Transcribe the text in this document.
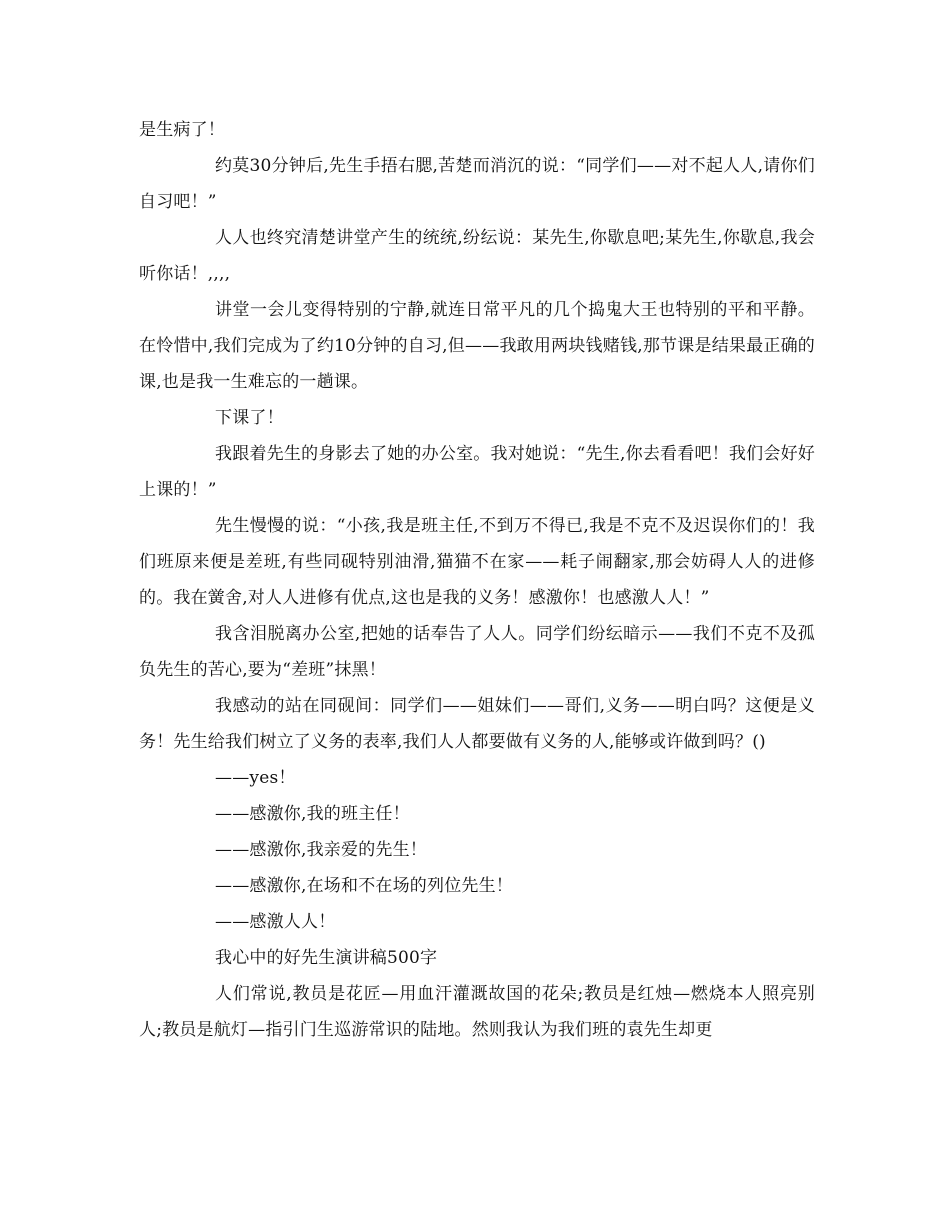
是生病了！

约莫30分钟后,先生手捂右腮,苦楚而消沉的说：“同学们——对不起人人,请你们自习吧！”

人人也终究清楚讲堂产生的统统,纷纭说：某先生,你歇息吧;某先生,你歇息,我会听你话！,,,,

讲堂一会儿变得特别的宁静,就连日常平凡的几个捣鬼大王也特别的平和平静。在怜惜中,我们完成为了约10分钟的自习,但——我敢用两块钱赌钱,那节课是结果最正确的课,也是我一生难忘的一趟课。

下课了！

我跟着先生的身影去了她的办公室。我对她说：“先生,你去看看吧！我们会好好上课的！”

先生慢慢的说：“小孩,我是班主任,不到万不得已,我是不克不及迟误你们的！我们班原来便是差班,有些同砚特别油滑,猫猫不在家——耗子闹翻家,那会妨碍人人的进修的。我在黉舍,对人人进修有优点,这也是我的义务！感激你！也感激人人！”

我含泪脱离办公室,把她的话奉告了人人。同学们纷纭暗示——我们不克不及孤负先生的苦心,要为“差班”抹黑！

我感动的站在同砚间：同学们——姐妹们——哥们,义务——明白吗？这便是义务！先生给我们树立了义务的表率,我们人人都要做有义务的人,能够或许做到吗？()

——yes！

——感激你,我的班主任！

——感激你,我亲爱的先生！

——感激你,在场和不在场的列位先生！

——感激人人！

我心中的好先生演讲稿500字

人们常说,教员是花匠—用血汗灌溉故国的花朵;教员是红烛—燃烧本人照亮别人;教员是航灯—指引门生巡游常识的陆地。然则我认为我们班的袁先生却更
